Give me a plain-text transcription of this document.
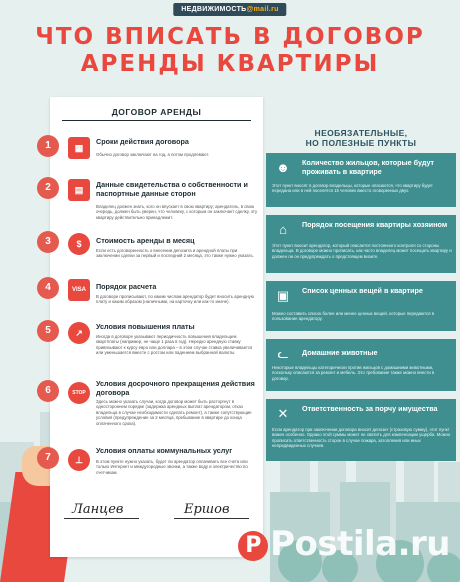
НЕДВИЖИМОСТЬ@mail.ru
ЧТО ВПИСАТЬ В ДОГОВОР
АРЕНДЫ КВАРТИРЫ
ДОГОВОР АРЕНДЫ
1	▦
Сроки действия договора
Обычно договор заключают на год, а потом продлевают.
2	▤
Данные свидетельства о собственности и паспортные данные сторон
Владелец должен знать, кого он впускает в свою квартиру; арендатель, в свою очередь, должен быть уверен, что человеку, с которым он заключает сделку, эту квартиру действительно принадлежит.
3	$	Стоимость аренды в месяц
Если есть договоренность о внесении депозита и арендной платы при заключении сделки за первый и последний 2 месяца, это также нужно указать.
4	VISA	Порядок расчета
В договоре прописывают, по каким числам арендатор будет вносить арендную плату и каким образом (наличными, на карточку или как-то иначе).
5	↗
Условия повышения платы
Иногда в договоре указывают периодичность повышения владельцем квартплаты (например, не чаще 1 раза в год). Нередко арендную ставку привязывают к курсу евро или доллара – в этом случае ставка увеличивается или уменьшается вместе с ростом или падением выбранной валюты.
6	STOP
Условия досрочного прекращения действия договора
Здесь можно указать случаи, когда договор может быть расторгнут в одностороннем порядке (задержка арендных выплат арендатором, отказ владельца в случае необходимости сделать ремонт), а также сопутствующие условия (предупреждение за 2 месяца, пребывание в квартире до конца оплаченного срока).
7	⊥
Условия оплаты коммунальных услуг
В этом пункте нужно указать, будет ли арендатор оплачивать все счета или только Интернет и междугородные звонки, а также воду и электричество по счетчикам.
Ланцев	Ершов
НЕОБЯЗАТЕЛЬНЫЕ,
НО ПОЛЕЗНЫЕ ПУНКТЫ
☻ Количество жильцов, которые будут проживать в квартире
Этот пункт вносят в договор владельцы, которые опасаются, что квартиру будет передана или в ней поселятся 15 человек вместо оговоренных двух.
⌂	Порядок посещения квартиры хозяином
Этот пункт вносит арендатор, который опасается постоянного контроля со стороны владельца. В договоре можно прописать, как часто владелец может посещать квартиру и должен ли он предупреждать о предстоящем визите.
▣	Список ценных вещей в квартире
Можно составить список более или менее ценных вещей, которые передаются в пользование арендатору.
ᓚ	Домашние животные
Некоторые владельцы категорически против жильцов с домашними животными, поскольку опасаются за ремонт и мебель. Это требование также можно внести в договор.
✕	Ответственность за порчу имущества
Если арендатор при заключении договора вносит депозит (страховую сумму), этот пункт важен особенно. Однако этой суммы может не хватить для компенсации ущерба. Можно прописать ответственность сторон в случае пожара, затопления или иных непредвиденных случаев.
P Postila.ru
